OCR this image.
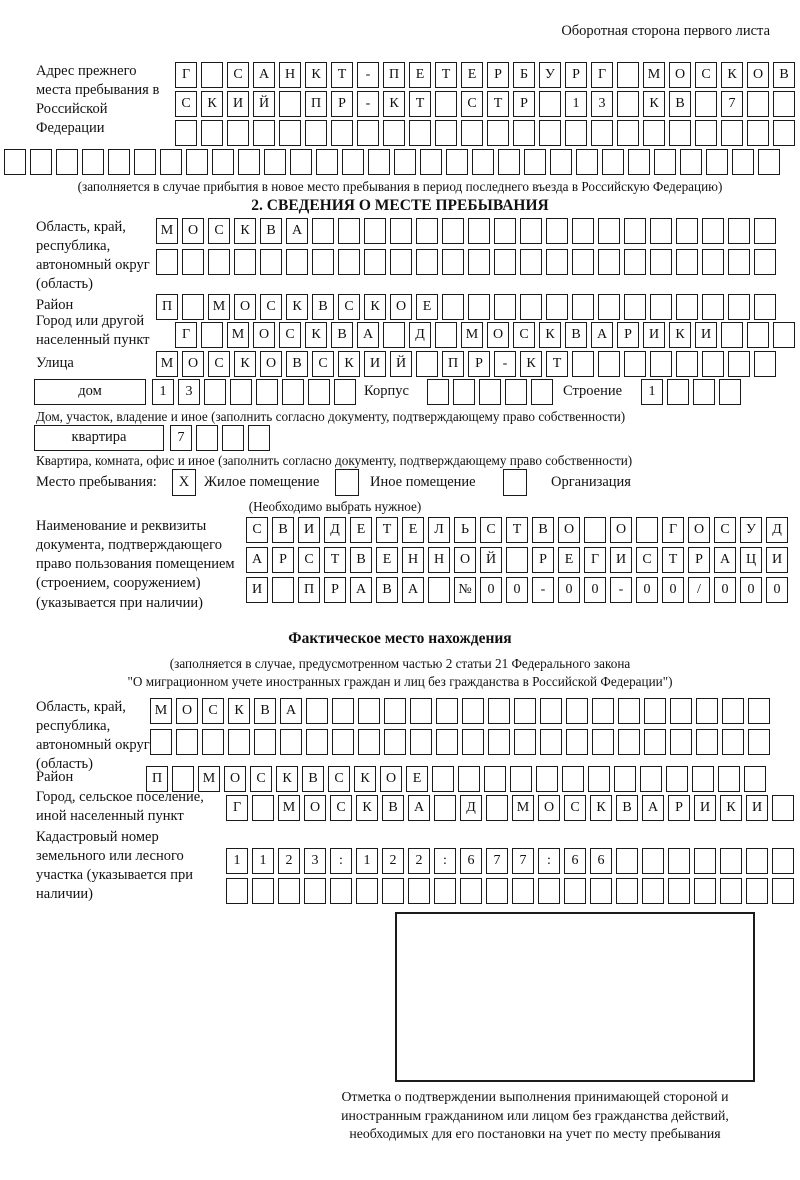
Оборотная сторона первого листа
Адрес прежнего места пребывания в Российской Федерации
Г	С	А	Н	К	Т	-	П	Е	Т	Е	Р	Б	У	Р	Г	М	О	С	К	О	В
С	К	И	Й	П	Р	-	К	Т	С	Т	Р	1	3	К	В	7
(заполняется в случае прибытия в новое место пребывания в период последнего въезда в Российскую Федерацию)
2. СВЕДЕНИЯ О МЕСТЕ ПРЕБЫВАНИЯ
Область, край, республика, автономный округ (область)
М	О	С	К	В	А
Район	П	М	О	С	К	В	С	К	О	Е
Город или другой населенный пункт	Г	М	О	С	К	В	А	Д	М	О	С	К	В	А	Р	И	К	И
Улица	М	О	С	К	О	В	С	К	И	Й	П	Р	-	К	Т
дом	1	3	Корпус	Строение	1
Дом, участок, владение и иное (заполнить согласно документу, подтверждающему право собственности)
квартира	7
Квартира, комната, офис и иное (заполнить согласно документу, подтверждающему право собственности)
Место пребывания:	X	Жилое помещение	Иное помещение	Организация
(Необходимо выбрать нужное)
Наименование и реквизиты документа, подтверждающего право пользования помещением (строением, сооружением) (указывается при наличии)
С	В	И	Д	Е	Т	Е	Л	Ь	С	Т	В	О	О	Г	О	С	У	Д
А	Р	С	Т	В	Е	Н	Н	О	Й	Р	Е	Г	И	С	Т	Р	А	Ц	И
И	П	Р	А	В	А	№	0	0	-	0	0	-	0	0	/	0	0	0
Фактическое место нахождения
(заполняется в случае, предусмотренном частью 2 статьи 21 Федерального закона
"О миграционном учете иностранных граждан и лиц без гражданства в Российской Федерации")
Область, край, республика, автономный округ (область)
М	О	С	К	В	А
Район	П	М	О	С	К	В	С	К	О	Е
Город, сельское поселение, иной населенный пункт
Г	М	О	С	К	В	А	Д	М	О	С	К	В	А	Р	И	К	И
Кадастровый номер земельного или лесного участка (указывается при наличии)
1	1	2	3	:	1	2	2	:	6	7	7	:	6	6
Отметка о подтверждении выполнения принимающей стороной и иностранным гражданином или лицом без гражданства действий, необходимых для его постановки на учет по месту пребывания
